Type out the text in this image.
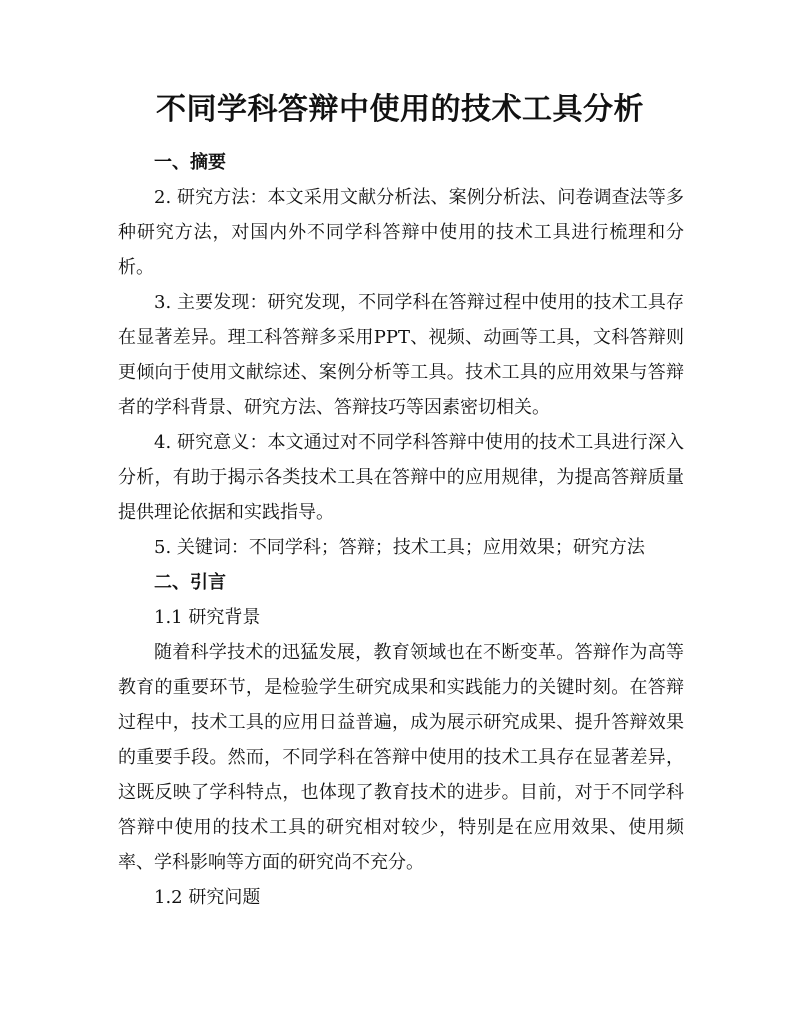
不同学科答辩中使用的技术工具分析
一、摘要

2. 研究方法：本文采用文献分析法、案例分析法、问卷调查法等多种研究方法，对国内外不同学科答辩中使用的技术工具进行梳理和分析。

3. 主要发现：研究发现，不同学科在答辩过程中使用的技术工具存在显著差异。理工科答辩多采用PPT、视频、动画等工具，文科答辩则更倾向于使用文献综述、案例分析等工具。技术工具的应用效果与答辩者的学科背景、研究方法、答辩技巧等因素密切相关。

4. 研究意义：本文通过对不同学科答辩中使用的技术工具进行深入分析，有助于揭示各类技术工具在答辩中的应用规律，为提高答辩质量提供理论依据和实践指导。

5. 关键词：不同学科；答辩；技术工具；应用效果；研究方法

二、引言

1.1 研究背景

随着科学技术的迅猛发展，教育领域也在不断变革。答辩作为高等教育的重要环节，是检验学生研究成果和实践能力的关键时刻。在答辩过程中，技术工具的应用日益普遍，成为展示研究成果、提升答辩效果的重要手段。然而，不同学科在答辩中使用的技术工具存在显著差异，这既反映了学科特点，也体现了教育技术的进步。目前，对于不同学科答辩中使用的技术工具的研究相对较少，特别是在应用效果、使用频率、学科影响等方面的研究尚不充分。

1.2 研究问题
